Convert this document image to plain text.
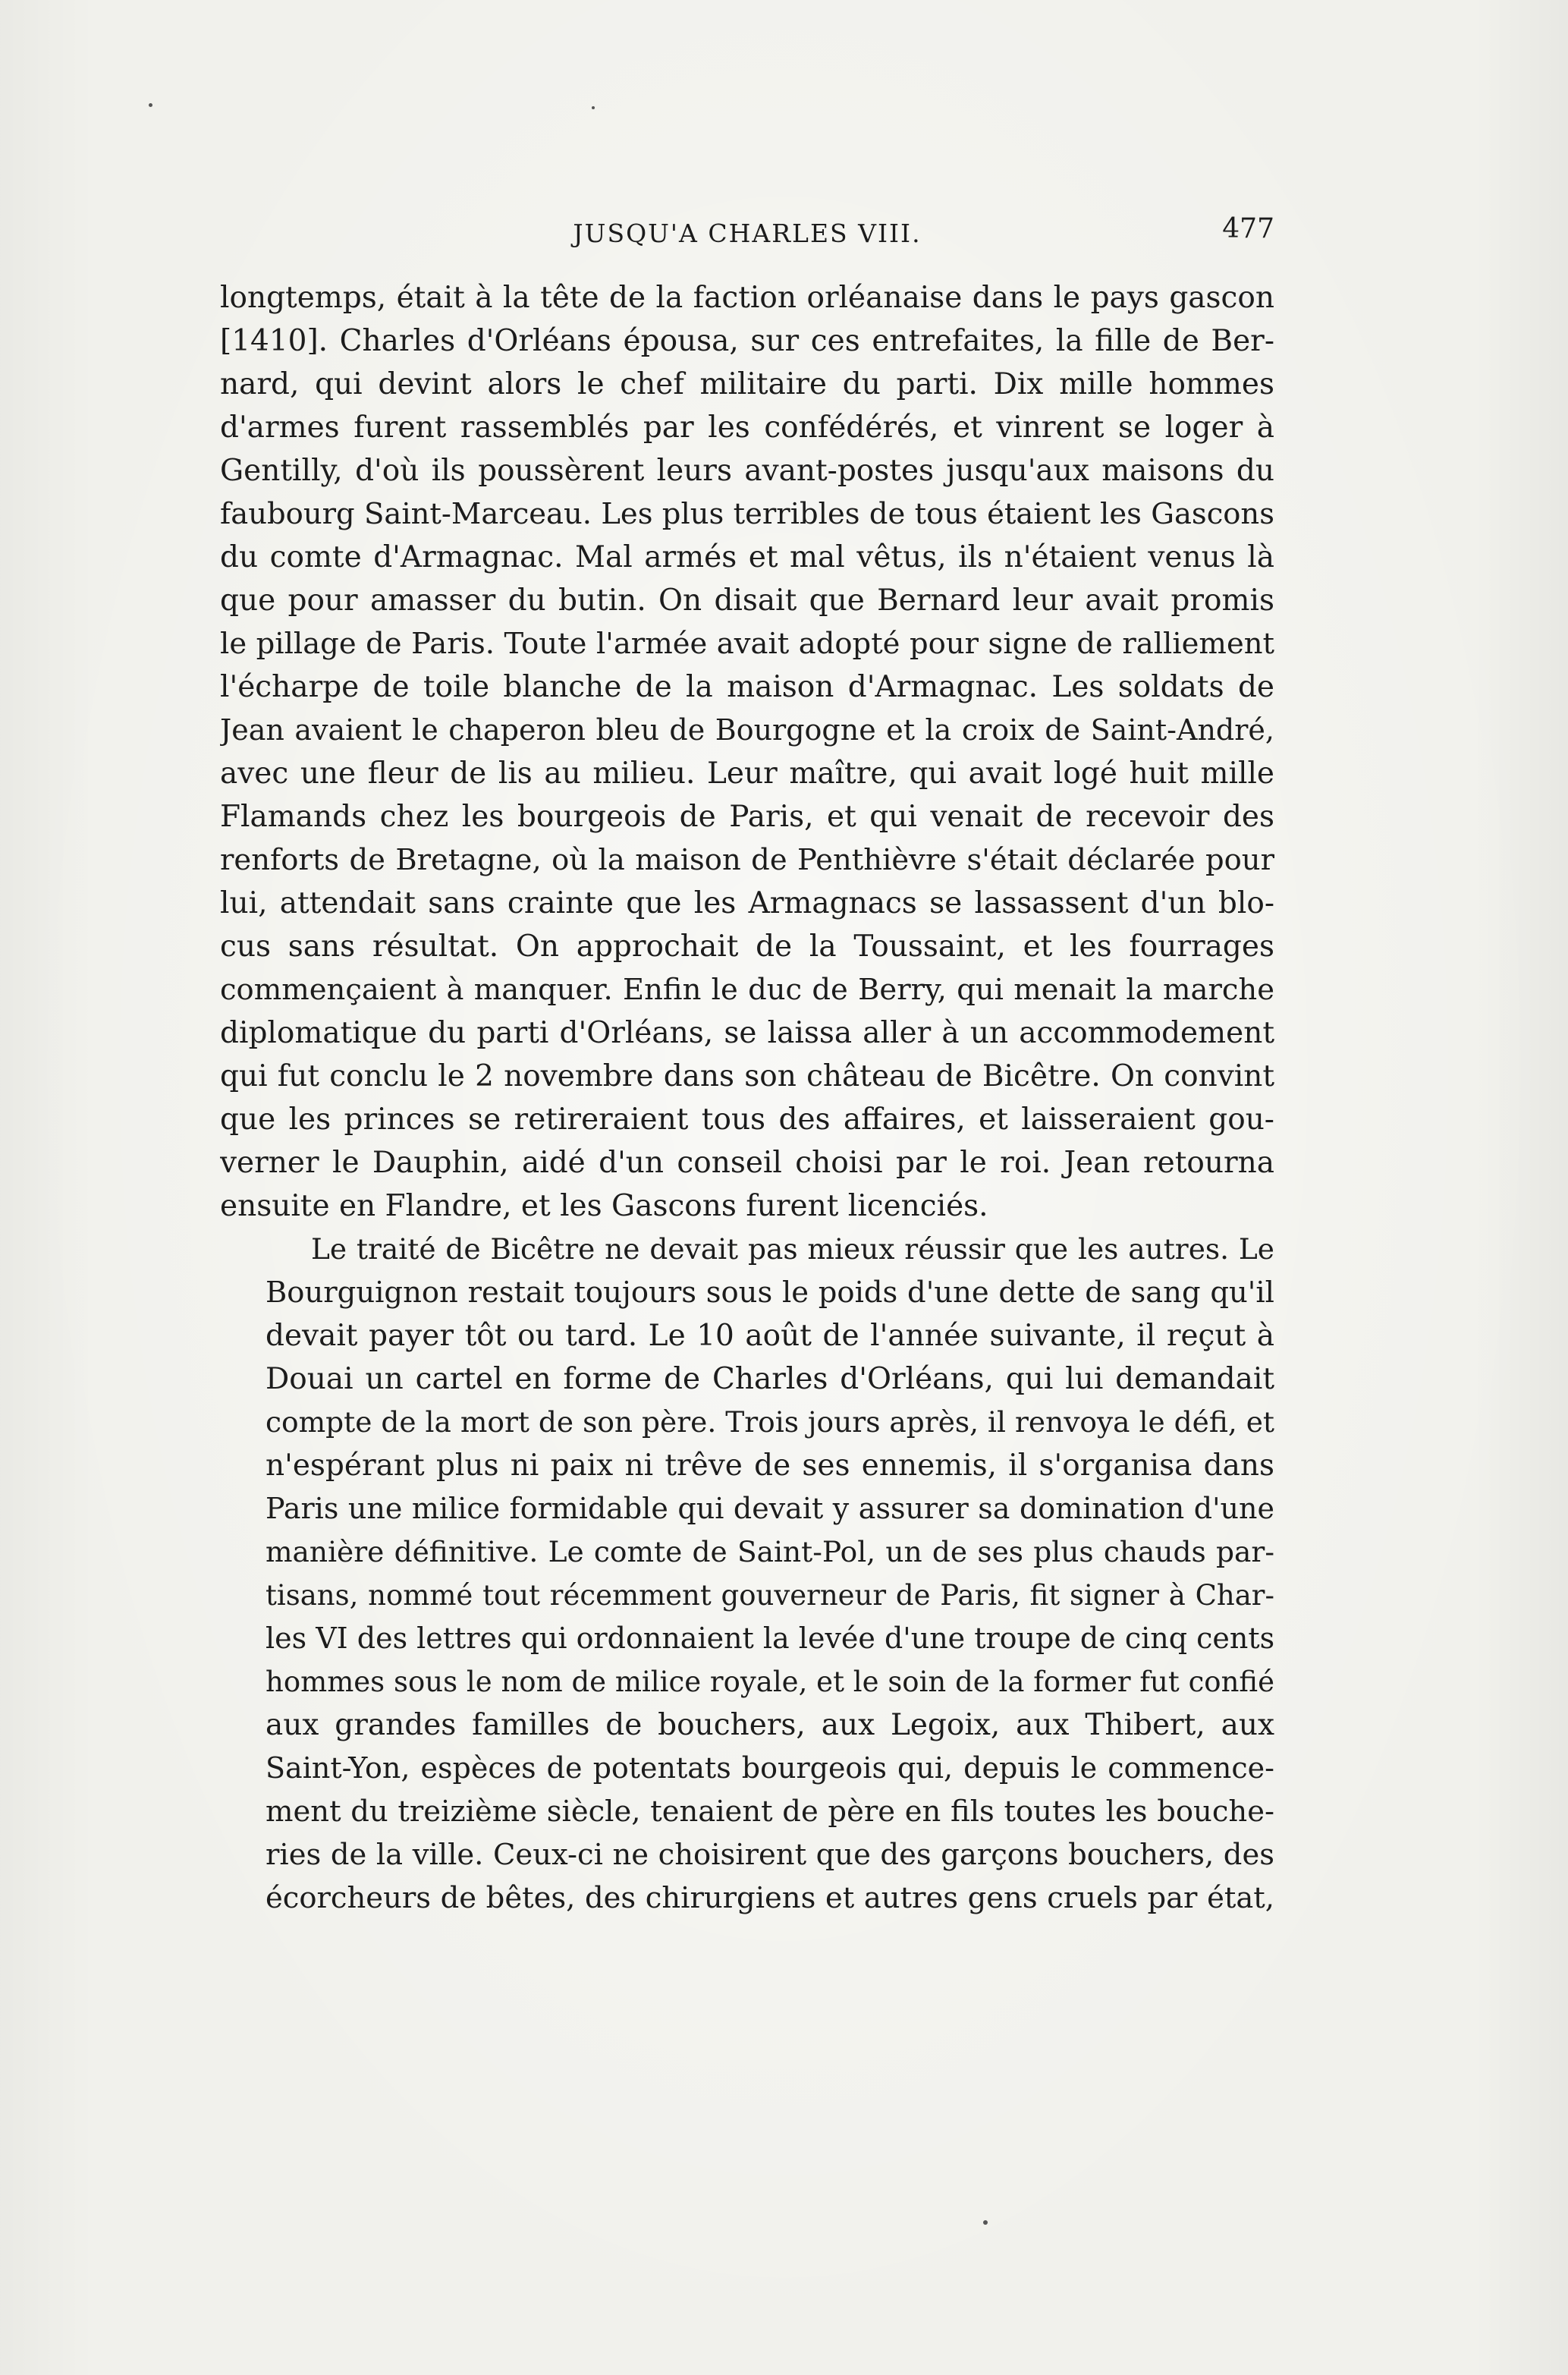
JUSQU'A CHARLES VIII.	477

longtemps, était à la tête de la faction orléanaise dans le pays gascon
[1410]. Charles d'Orléans épousa, sur ces entrefaites, la fille de Ber-
nard, qui devint alors le chef militaire du parti. Dix mille hommes
d'armes furent rassemblés par les confédérés, et vinrent se loger à
Gentilly, d'où ils poussèrent leurs avant-postes jusqu'aux maisons du
faubourg Saint-Marceau. Les plus terribles de tous étaient les Gascons
du comte d'Armagnac. Mal armés et mal vêtus, ils n'étaient venus là
que pour amasser du butin. On disait que Bernard leur avait promis
le pillage de Paris. Toute l'armée avait adopté pour signe de ralliement
l'écharpe de toile blanche de la maison d'Armagnac. Les soldats de
Jean avaient le chaperon bleu de Bourgogne et la croix de Saint-André,
avec une fleur de lis au milieu. Leur maître, qui avait logé huit mille
Flamands chez les bourgeois de Paris, et qui venait de recevoir des
renforts de Bretagne, où la maison de Penthièvre s'était déclarée pour
lui, attendait sans crainte que les Armagnacs se lassassent d'un blo-
cus sans résultat. On approchait de la Toussaint, et les fourrages
commençaient à manquer. Enfin le duc de Berry, qui menait la marche
diplomatique du parti d'Orléans, se laissa aller à un accommodement
qui fut conclu le 2 novembre dans son château de Bicêtre. On convint
que les princes se retireraient tous des affaires, et laisseraient gou-
verner le Dauphin, aidé d'un conseil choisi par le roi. Jean retourna
ensuite en Flandre, et les Gascons furent licenciés.

Le traité de Bicêtre ne devait pas mieux réussir que les autres. Le
Bourguignon restait toujours sous le poids d'une dette de sang qu'il
devait payer tôt ou tard. Le 10 août de l'année suivante, il reçut à
Douai un cartel en forme de Charles d'Orléans, qui lui demandait
compte de la mort de son père. Trois jours après, il renvoya le défi, et
n'espérant plus ni paix ni trêve de ses ennemis, il s'organisa dans
Paris une milice formidable qui devait y assurer sa domination d'une
manière définitive. Le comte de Saint-Pol, un de ses plus chauds par-
tisans, nommé tout récemment gouverneur de Paris, fit signer à Char-
les VI des lettres qui ordonnaient la levée d'une troupe de cinq cents
hommes sous le nom de milice royale, et le soin de la former fut confié
aux grandes familles de bouchers, aux Legoix, aux Thibert, aux
Saint-Yon, espèces de potentats bourgeois qui, depuis le commence-
ment du treizième siècle, tenaient de père en fils toutes les bouche-
ries de la ville. Ceux-ci ne choisirent que des garçons bouchers, des
écorcheurs de bêtes, des chirurgiens et autres gens cruels par état,
